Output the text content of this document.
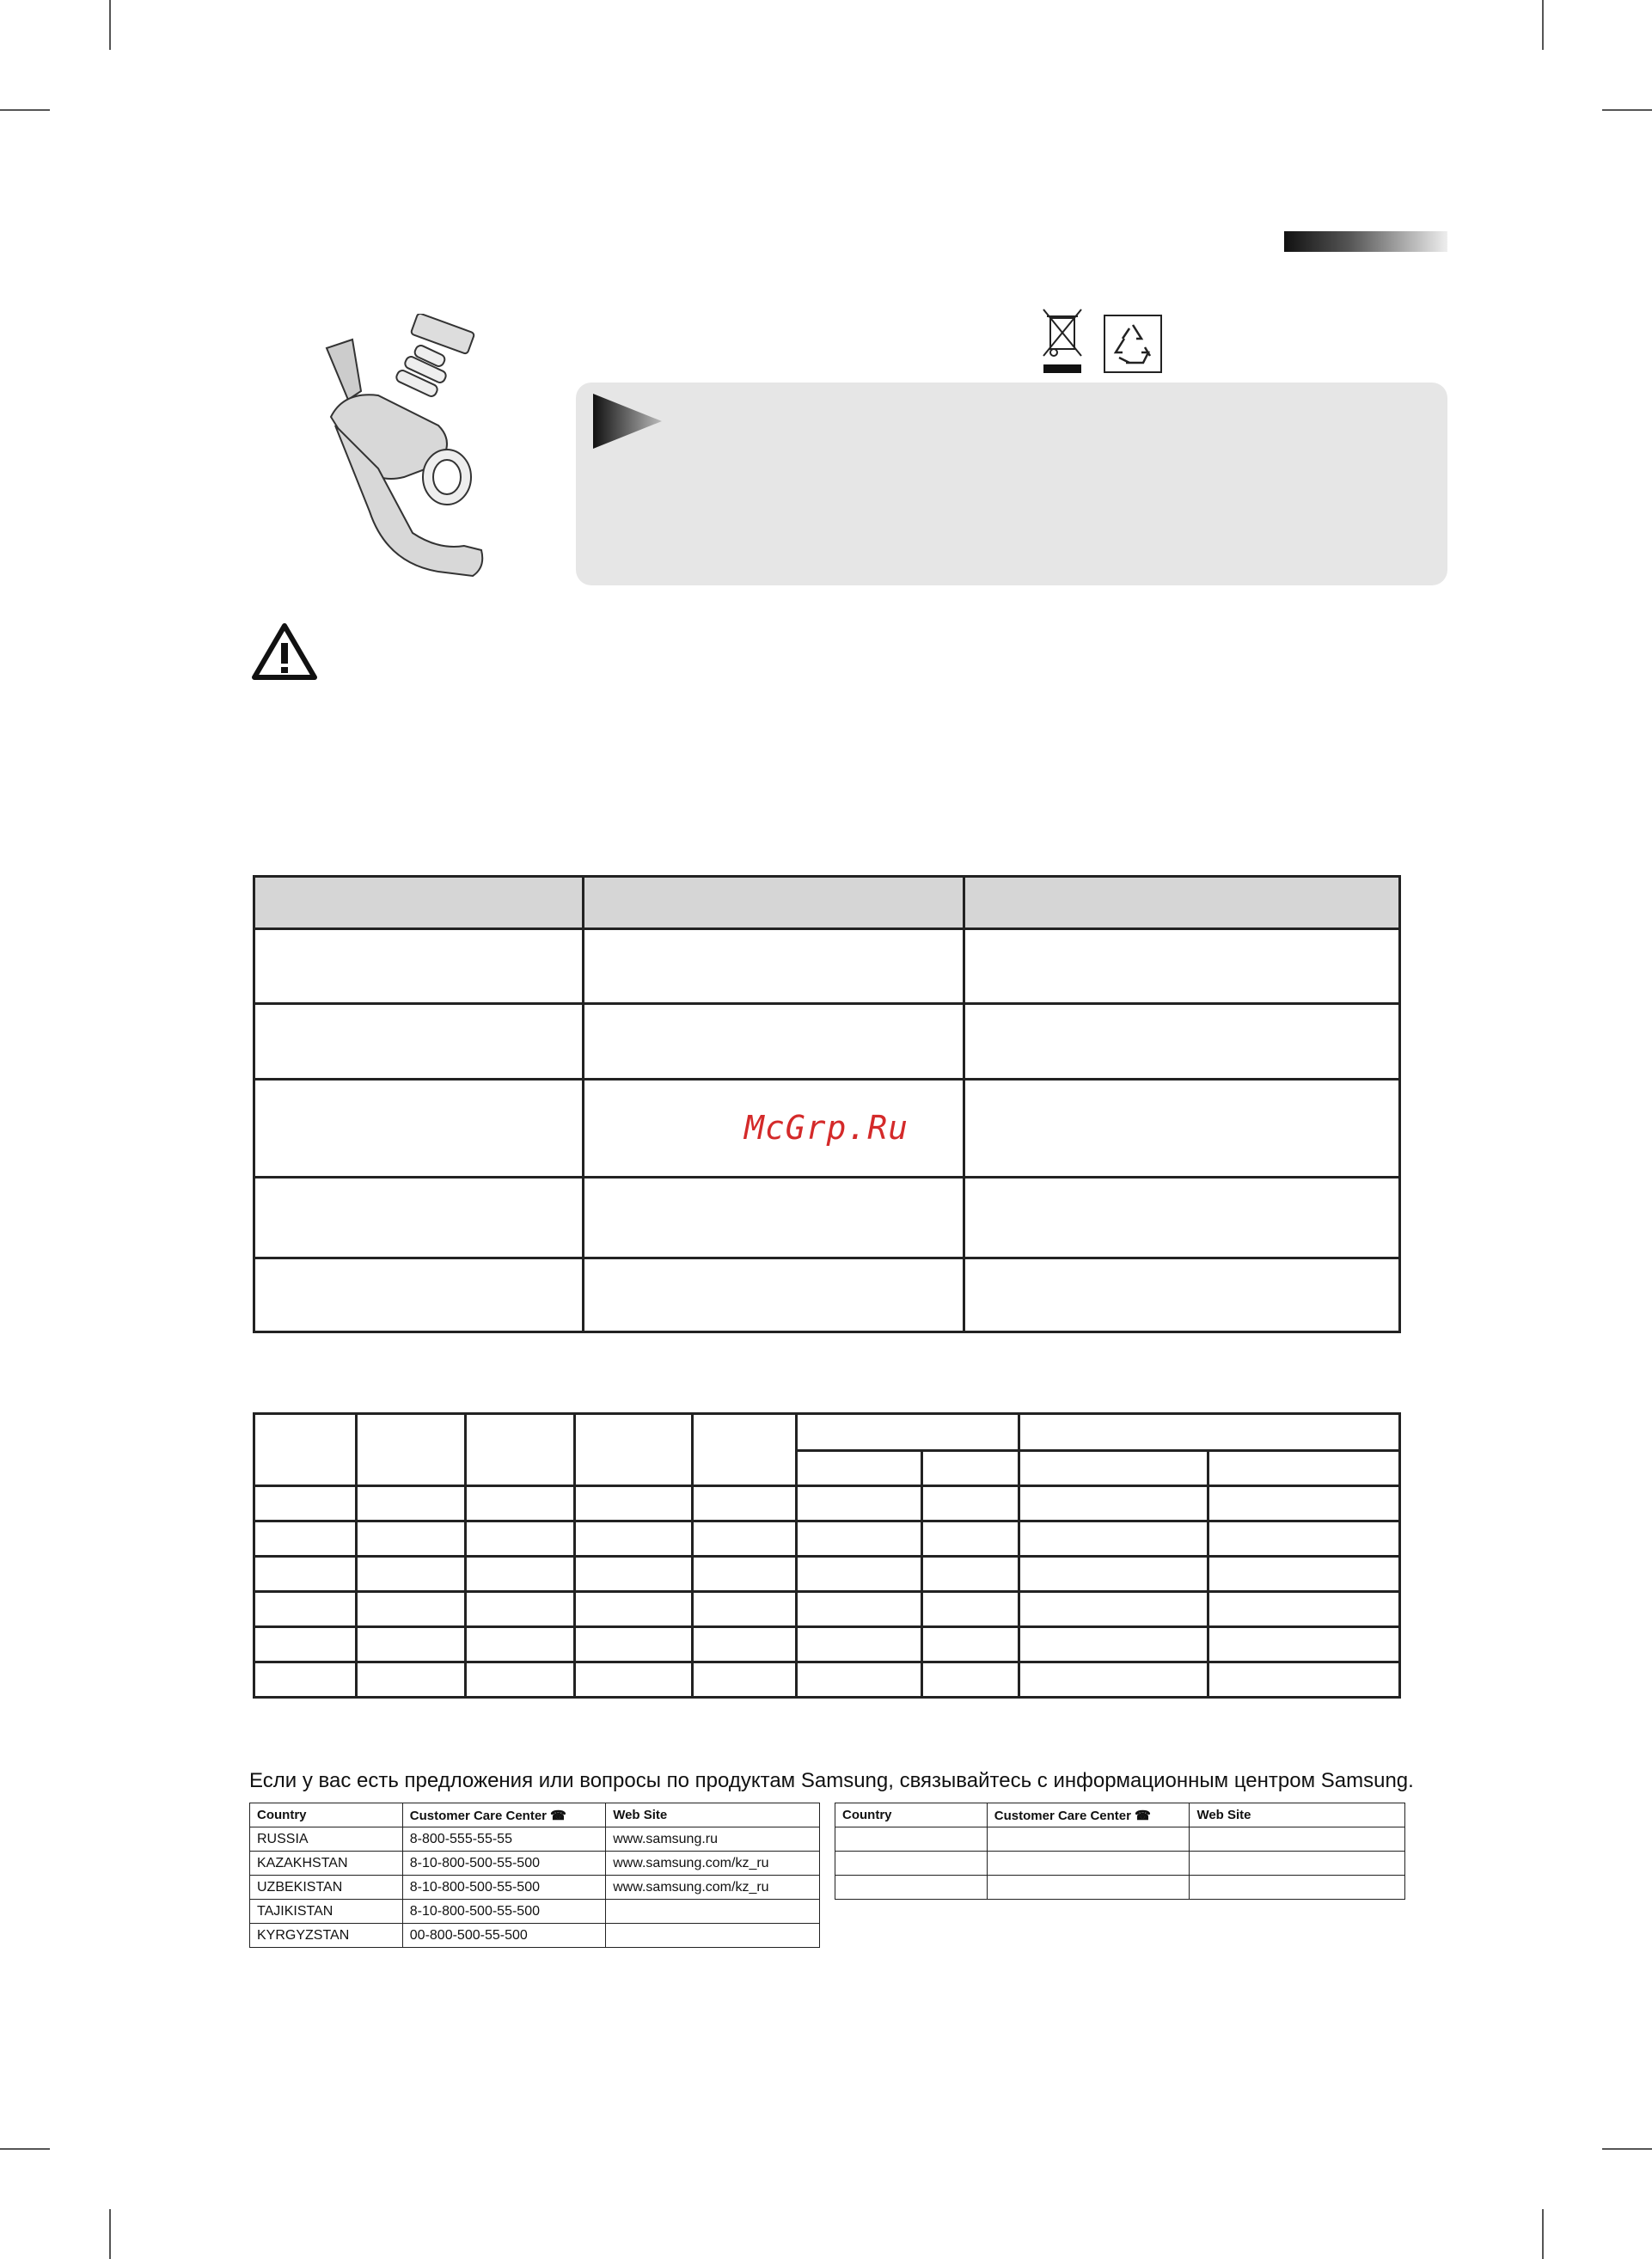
McGrp.Ru

Если у вас есть предложения или вопросы по продуктам Samsung, связывайтесь с информационным центром Samsung.
Country	Customer Care Center ☎	Web Site
RUSSIA	8-800-555-55-55	www.samsung.ru
KAZAKHSTAN	8-10-800-500-55-500	www.samsung.com/kz_ru
UZBEKISTAN	8-10-800-500-55-500	www.samsung.com/kz_ru
TAJIKISTAN	8-10-800-500-55-500	
KYRGYZSTAN	00-800-500-55-500	
Country	Customer Care Center ☎	Web Site
